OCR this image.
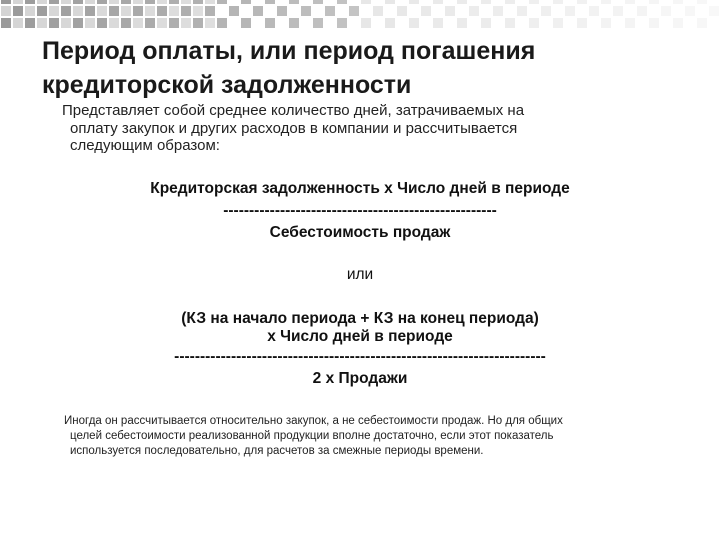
Период оплаты, или период погашения
кредиторской задолженности
Представляет собой среднее количество дней, затрачиваемых на
оплату закупок и других расходов в компании и рассчитывается
следующим образом:
Кредиторская задолженность x Число дней в периоде
-----------------------------------------------------
Себестоимость продаж
или
(КЗ на начало периода + КЗ на конец периода)
x Число дней в периоде
------------------------------------------------------------------------
2 x Продажи
Иногда он рассчитывается относительно закупок, а не себестоимости продаж. Но для общих
целей себестоимости реализованной продукции вполне достаточно, если этот показатель
используется последовательно, для расчетов за смежные периоды времени.
